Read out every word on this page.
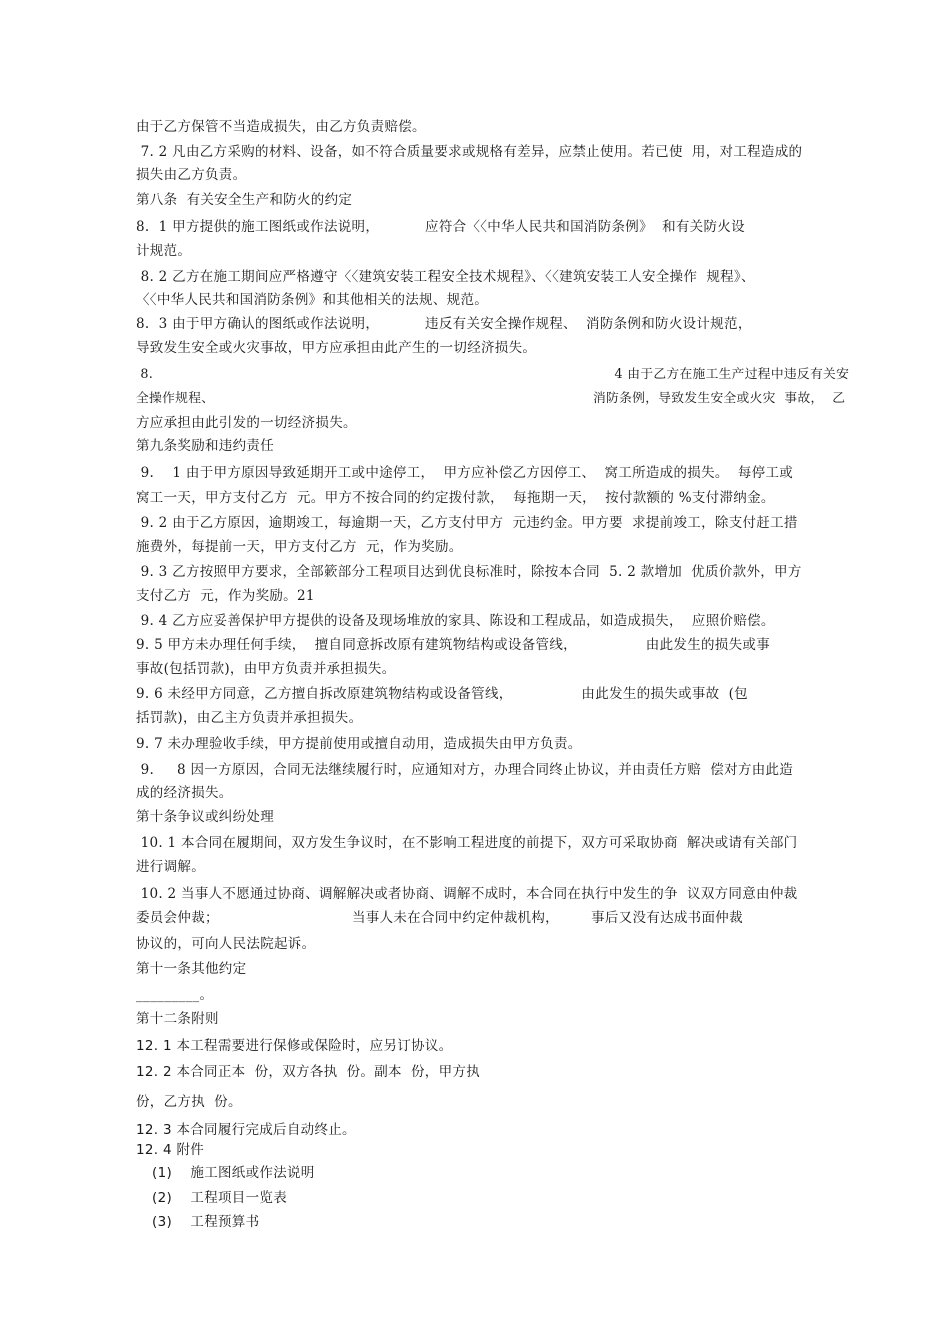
由于乙方保管不当造成损失，由乙方负责赔偿。
7. 2 凡由乙方采购的材料、设备，如不符合质量要求或规格有差异，应禁止使用。若已使  用，对工程造成的
损失由乙方负责。
第八条  有关安全生产和防火的约定
8.  1 甲方提供的施工图纸或作法说明，          应符合〈〈中华人民共和国消防条例》  和有关防火设
计规范。
8. 2 乙方在施工期间应严格遵守〈〈建筑安装工程安全技术规程》、〈〈建筑安装工人安全操作  规程》、
〈〈中华人民共和国消防条例》和其他相关的法规、规范。
8.  3 由于甲方确认的图纸或作法说明，          违反有关安全操作规程、  消防条例和防火设计规范，
导致发生安全或火灾事故，甲方应承担由此产生的一切经济损失。
8.                                                                                                          4 由于乙方在施工生产过程中违反有关安
全操作规程、                                                                                       消防条例，导致发生安全或火灾  事故，  乙
方应承担由此引发的一切经济损失。
第九条奖励和违约责任
9.    1 由于甲方原因导致延期开工或中途停工，  甲方应补偿乙方因停工、  窝工所造成的损失。  每停工或
窝工一天，甲方支付乙方  元。甲方不按合同的约定拨付款，  每拖期一天，  按付款额的 %支付滞纳金。
9. 2 由于乙方原因，逾期竣工，每逾期一天，乙方支付甲方  元违约金。甲方要  求提前竣工，除支付赶工措
施费外，每提前一天，甲方支付乙方  元，作为奖励。
9. 3 乙方按照甲方要求，全部簌部分工程项目达到优良标准时，除按本合同  5. 2 款增加  优质价款外，甲方
支付乙方  元，作为奖励。21
9. 4 乙方应妥善保护甲方提供的设备及现场堆放的家具、陈设和工程成品，如造成损失，  应照价赔偿。
9. 5 甲方未办理任何手续，  擅自同意拆改原有建筑物结构或设备管线，               由此发生的损失或事
事故(包括罚款)，由甲方负责并承担损失。
9. 6 未经甲方同意，乙方擅自拆改原建筑物结构或设备管线，               由此发生的损失或事故  (包
括罚款)，由乙主方负责并承担损失。
9. 7 未办理验收手续，甲方提前使用或擅自动用，造成损失由甲方负责。
9.     8 因一方原因，合同无法继续履行时，应通知对方，办理合同终止协议，并由责任方赔  偿对方由此造
成的经济损失。
第十条争议或纠纷处理
10. 1 本合同在履期间，双方发生争议时，在不影响工程进度的前提下，双方可采取协商  解决或请有关部门
进行调解。
10. 2 当事人不愿通过协商、调解解决或者协商、调解不成时，本合同在执行中发生的争  议双方同意由仲裁
委员会仲裁；                             当事人未在合同中约定仲裁机构，       事后又没有达成书面仲裁
协议的，可向人民法院起诉。
第十一条其他约定
_________。
第十二条附则
12. 1 本工程需要进行保修或保险时，应另订协议。
12. 2 本合同正本  份，双方各执  份。副本  份，甲方执
份，乙方执  份。
12. 3 本合同履行完成后自动终止。
12. 4 附件
(1)    施工图纸或作法说明
(2)    工程项目一览表
(3)    工程预算书
